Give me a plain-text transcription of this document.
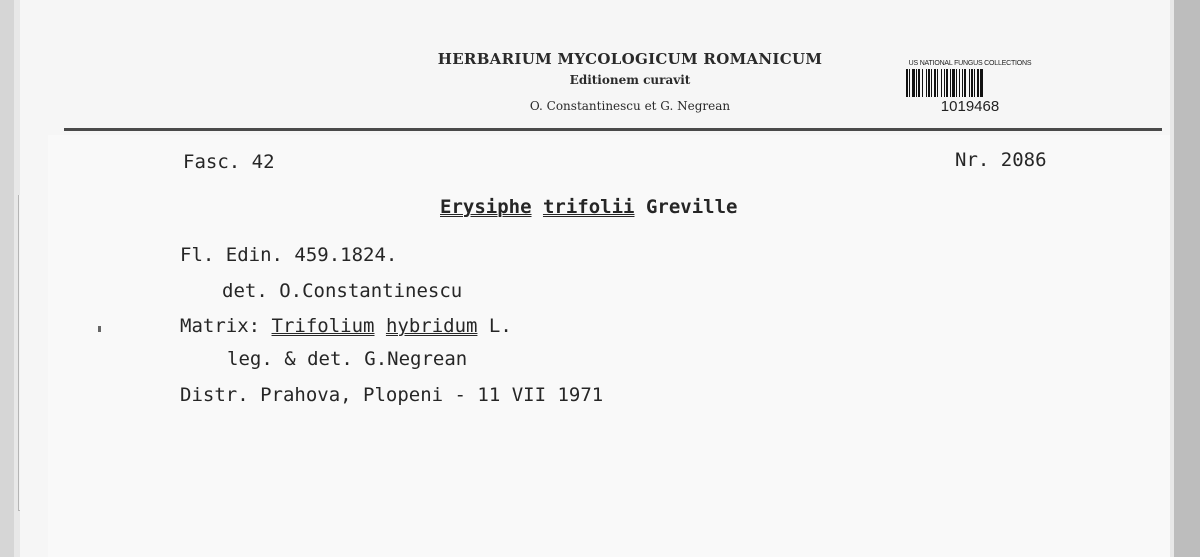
HERBARIUM MYCOLOGICUM ROMANICUM
Editionem curavit
O. Constantinescu et G. Negrean
US NATIONAL FUNGUS COLLECTIONS
1019468
Fasc. 42	Nr. 2086
Erysiphe trifolii Greville
Fl. Edin. 459.1824.
det. O.Constantinescu
Matrix: Trifolium hybridum L.
leg. & det. G.Negrean
Distr. Prahova, Plopeni - 11 VII 1971
